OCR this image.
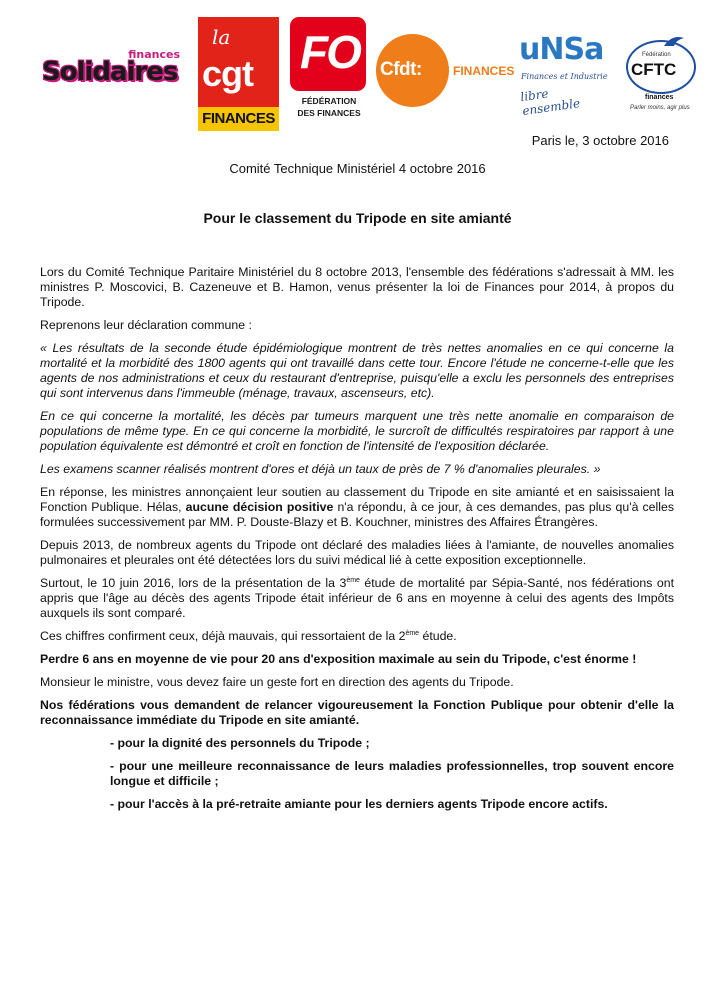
finances
Solidaires
la
cgt
FINANCES
FO
FÉDÉRATION
DES FINANCES
Cfdt:	FINANCES
uNSa
Finances et Industrie
libre ensemble
Fédération
CFTC
finances
Parler moins, agir plus
Paris le, 3 octobre 2016
Comité Technique Ministériel 4 octobre 2016
Pour le classement du Tripode en site amianté

Lors du Comité Technique Paritaire Ministériel du 8 octobre 2013, l'ensemble des fédérations s'adressait à MM. les ministres P. Moscovici, B. Cazeneuve et B. Hamon, venus présenter la loi de Finances pour 2014, à propos du Tripode.

Reprenons leur déclaration commune :

« Les résultats de la seconde étude épidémiologique montrent de très nettes anomalies en ce qui concerne la mortalité et la morbidité des 1800 agents qui ont travaillé dans cette tour. Encore l'étude ne concerne-t-elle que les agents de nos administrations et ceux du restaurant d'entreprise, puisqu'elle a exclu les personnels des entreprises qui sont intervenus dans l'immeuble (ménage, travaux, ascenseurs, etc).

En ce qui concerne la mortalité, les décès par tumeurs marquent une très nette anomalie en comparaison de populations de même type. En ce qui concerne la morbidité, le surcroît de difficultés respiratoires par rapport à une population équivalente est démontré et croît en fonction de l'intensité de l'exposition déclarée.

Les examens scanner réalisés montrent d'ores et déjà un taux de près de 7 % d'anomalies pleurales. »

En réponse, les ministres annonçaient leur soutien au classement du Tripode en site amianté et en saisissaient la Fonction Publique. Hélas, aucune décision positive n'a répondu, à ce jour, à ces demandes, pas plus qu'à celles formulées successivement par MM. P. Douste-Blazy et B. Kouchner, ministres des Affaires Étrangères.

Depuis 2013, de nombreux agents du Tripode ont déclaré des maladies liées à l'amiante, de nouvelles anomalies pulmonaires et pleurales ont été détectées lors du suivi médical lié à cette exposition exceptionnelle.

Surtout, le 10 juin 2016, lors de la présentation de la 3ème étude de mortalité par Sépia-Santé, nos fédérations ont appris que l'âge au décès des agents Tripode était inférieur de 6 ans en moyenne à celui des agents des Impôts auxquels ils sont comparé.

Ces chiffres confirment ceux, déjà mauvais, qui ressortaient de la 2ème étude.

Perdre 6 ans en moyenne de vie pour 20 ans d'exposition maximale au sein du Tripode, c'est énorme !

Monsieur le ministre, vous devez faire un geste fort en direction des agents du Tripode.

Nos fédérations vous demandent de relancer vigoureusement la Fonction Publique pour obtenir d'elle la reconnaissance immédiate du Tripode en site amianté.

- pour la dignité des personnels du Tripode ;

- pour une meilleure reconnaissance de leurs maladies professionnelles, trop souvent encore longue et difficile ;

- pour l'accès à la pré-retraite amiante pour les derniers agents Tripode encore actifs.
